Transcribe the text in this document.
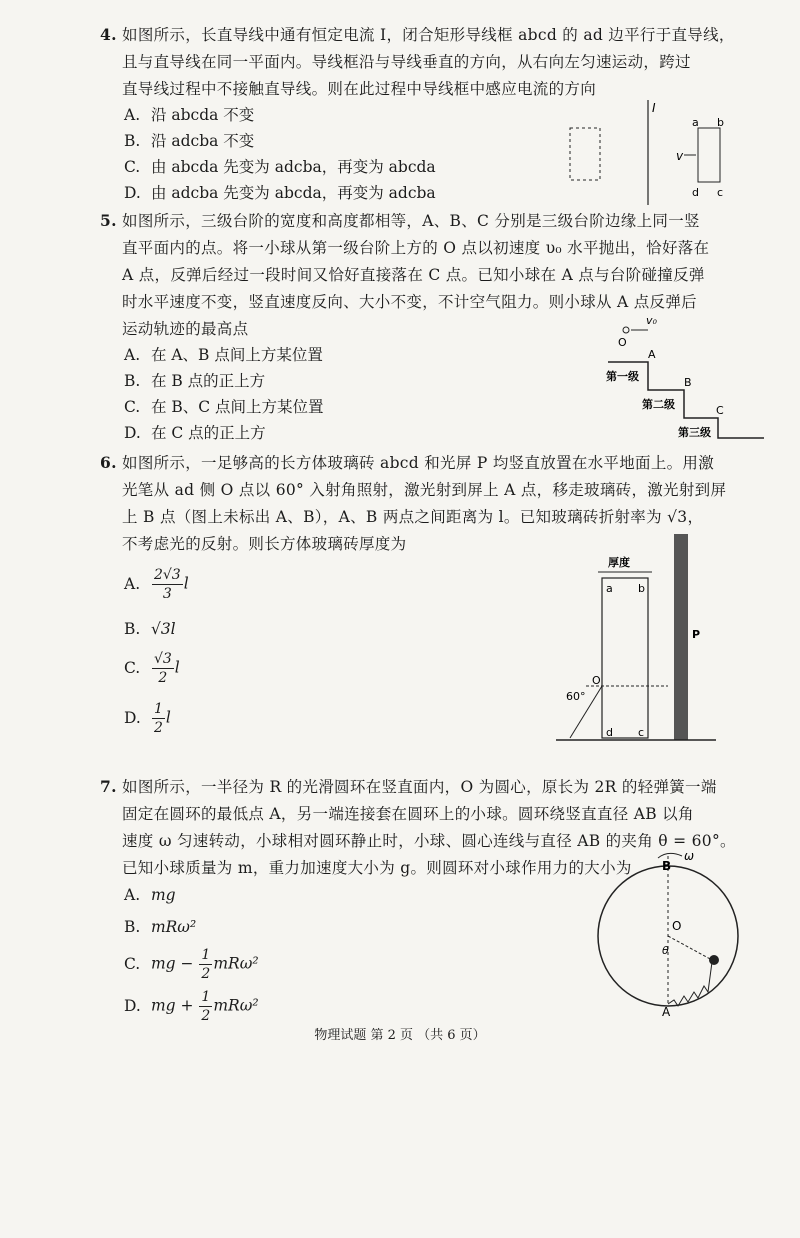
4. 如图所示，长直导线中通有恒定电流 I，闭合矩形导线框 abcd 的 ad 边平行于直导线，
且与直导线在同一平面内。导线框沿与导线垂直的方向，从右向左匀速运动，跨过
直导线过程中不接触直导线。则在此过程中导线框中感应电流的方向
A. 沿 abcda 不变
B. 沿 adcba 不变
C. 由 abcda 先变为 adcba，再变为 abcda
D. 由 adcba 先变为 abcda，再变为 adcba
I
v
a b
d c
5. 如图所示，三级台阶的宽度和高度都相等，A、B、C 分别是三级台阶边缘上同一竖
直平面内的点。将一小球从第一级台阶上方的 O 点以初速度 υ₀ 水平抛出，恰好落在
A 点，反弹后经过一段时间又恰好直接落在 C 点。已知小球在 A 点与台阶碰撞反弹
时水平速度不变，竖直速度反向、大小不变，不计空气阻力。则小球从 A 点反弹后
运动轨迹的最高点
A. 在 A、B 点间上方某位置
B. 在 B 点的正上方
C. 在 B、C 点间上方某位置
D. 在 C 点的正上方
v₀
O
A
B
C
第一级
第二级
第三级
6. 如图所示，一足够高的长方体玻璃砖 abcd 和光屏 P 均竖直放置在水平地面上。用激
光笔从 ad 侧 O 点以 60° 入射角照射，激光射到屏上 A 点，移走玻璃砖，激光射到屏
上 B 点（图上未标出 A、B），A、B 两点之间距离为 l。已知玻璃砖折射率为 √3，
不考虑光的反射。则长方体玻璃砖厚度为
A. $\frac{2√3}{3}$ l
B. √3l
C. $\frac{√3}{2}$ l
D. $\frac{1}{2}$ l
厚度
a b
d c
O
60°
P
7. 如图所示，一半径为 R 的光滑圆环在竖直面内，O 为圆心，原长为 2R 的轻弹簧一端
固定在圆环的最低点 A，另一端连接套在圆环上的小球。圆环绕竖直直径 AB 以角
速度 ω 匀速转动，小球相对圆环静止时，小球、圆心连线与直径 AB 的夹角 θ = 60°。
已知小球质量为 m，重力加速度大小为 g。则圆环对小球作用力的大小为
A. mg
B. mRω²
C. mg − $\frac{1}{2} mR\omega^2$
D. mg + $\frac{1}{2} mR\omega^2$
B
O
θ
A
ω
物理试题 第 2 页 （共 6 页）
